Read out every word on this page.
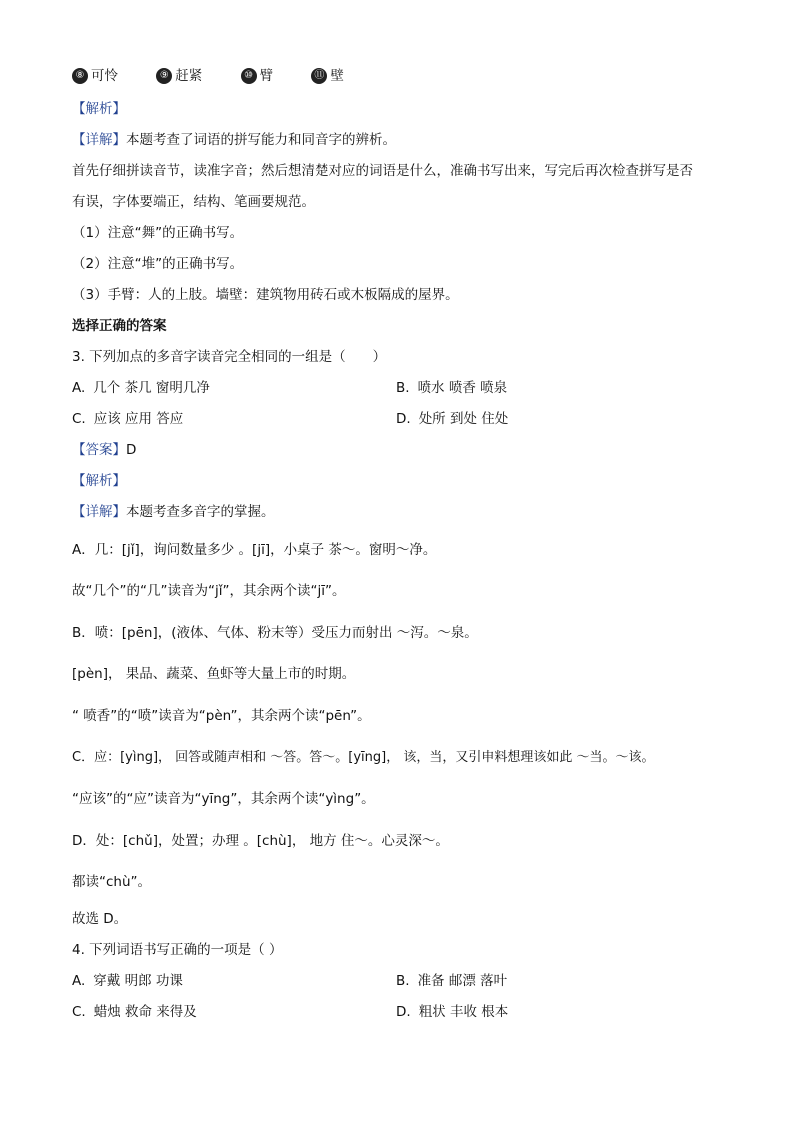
⑧ 可怜	⑨ 赶紧	⑩ 臂	⑪ 壁
【解析】
【详解】本题考查了词语的拼写能力和同音字的辨析。
首先仔细拼读音节，读准字音；然后想清楚对应的词语是什么，准确书写出来，写完后再次检查拼写是否
有误，字体要端正，结构、笔画要规范。
（1）注意“舞”的正确书写。
（2）注意“堆”的正确书写。
（3）手臂：人的上肢。墙壁：建筑物用砖石或木板隔成的屋界。
选择正确的答案
3. 下列加点的多音字读音完全相同的一组是（　　）
A. 几个 茶几 窗明几净	B. 喷水 喷香 喷泉
C. 应该 应用 答应	D. 处所 到处 住处
【答案】D
【解析】
【详解】本题考查多音字的掌握。
A．几：[jǐ]，询问数量多少 。[jī]，小桌子 茶～。窗明～净。
故“几个”的“几”读音为“jǐ”，其余两个读“jī”。
B．喷：[pēn]，(液体、气体、粉末等）受压力而射出 ～泻。～泉。
[pèn]， 果品、蔬菜、鱼虾等大量上市的时期。
“ 喷香”的“喷”读音为“pèn”，其余两个读“pēn”。
C．应：[yìng]， 回答或随声相和 ～答。答～。[yīng]， 该，当，又引申料想理该如此 ～当。～该。
“应该”的“应”读音为“yīng”，其余两个读“yìng”。
D．处：[chǔ]，处置；办理 。[chù]， 地方 住～。心灵深～。
都读“chù”。
故选 D。
4. 下列词语书写正确的一项是（ ）
A. 穿戴 明郎 功课	B. 准备 邮漂 落叶
C. 蜡烛 救命 来得及	D. 粗状 丰收 根本
